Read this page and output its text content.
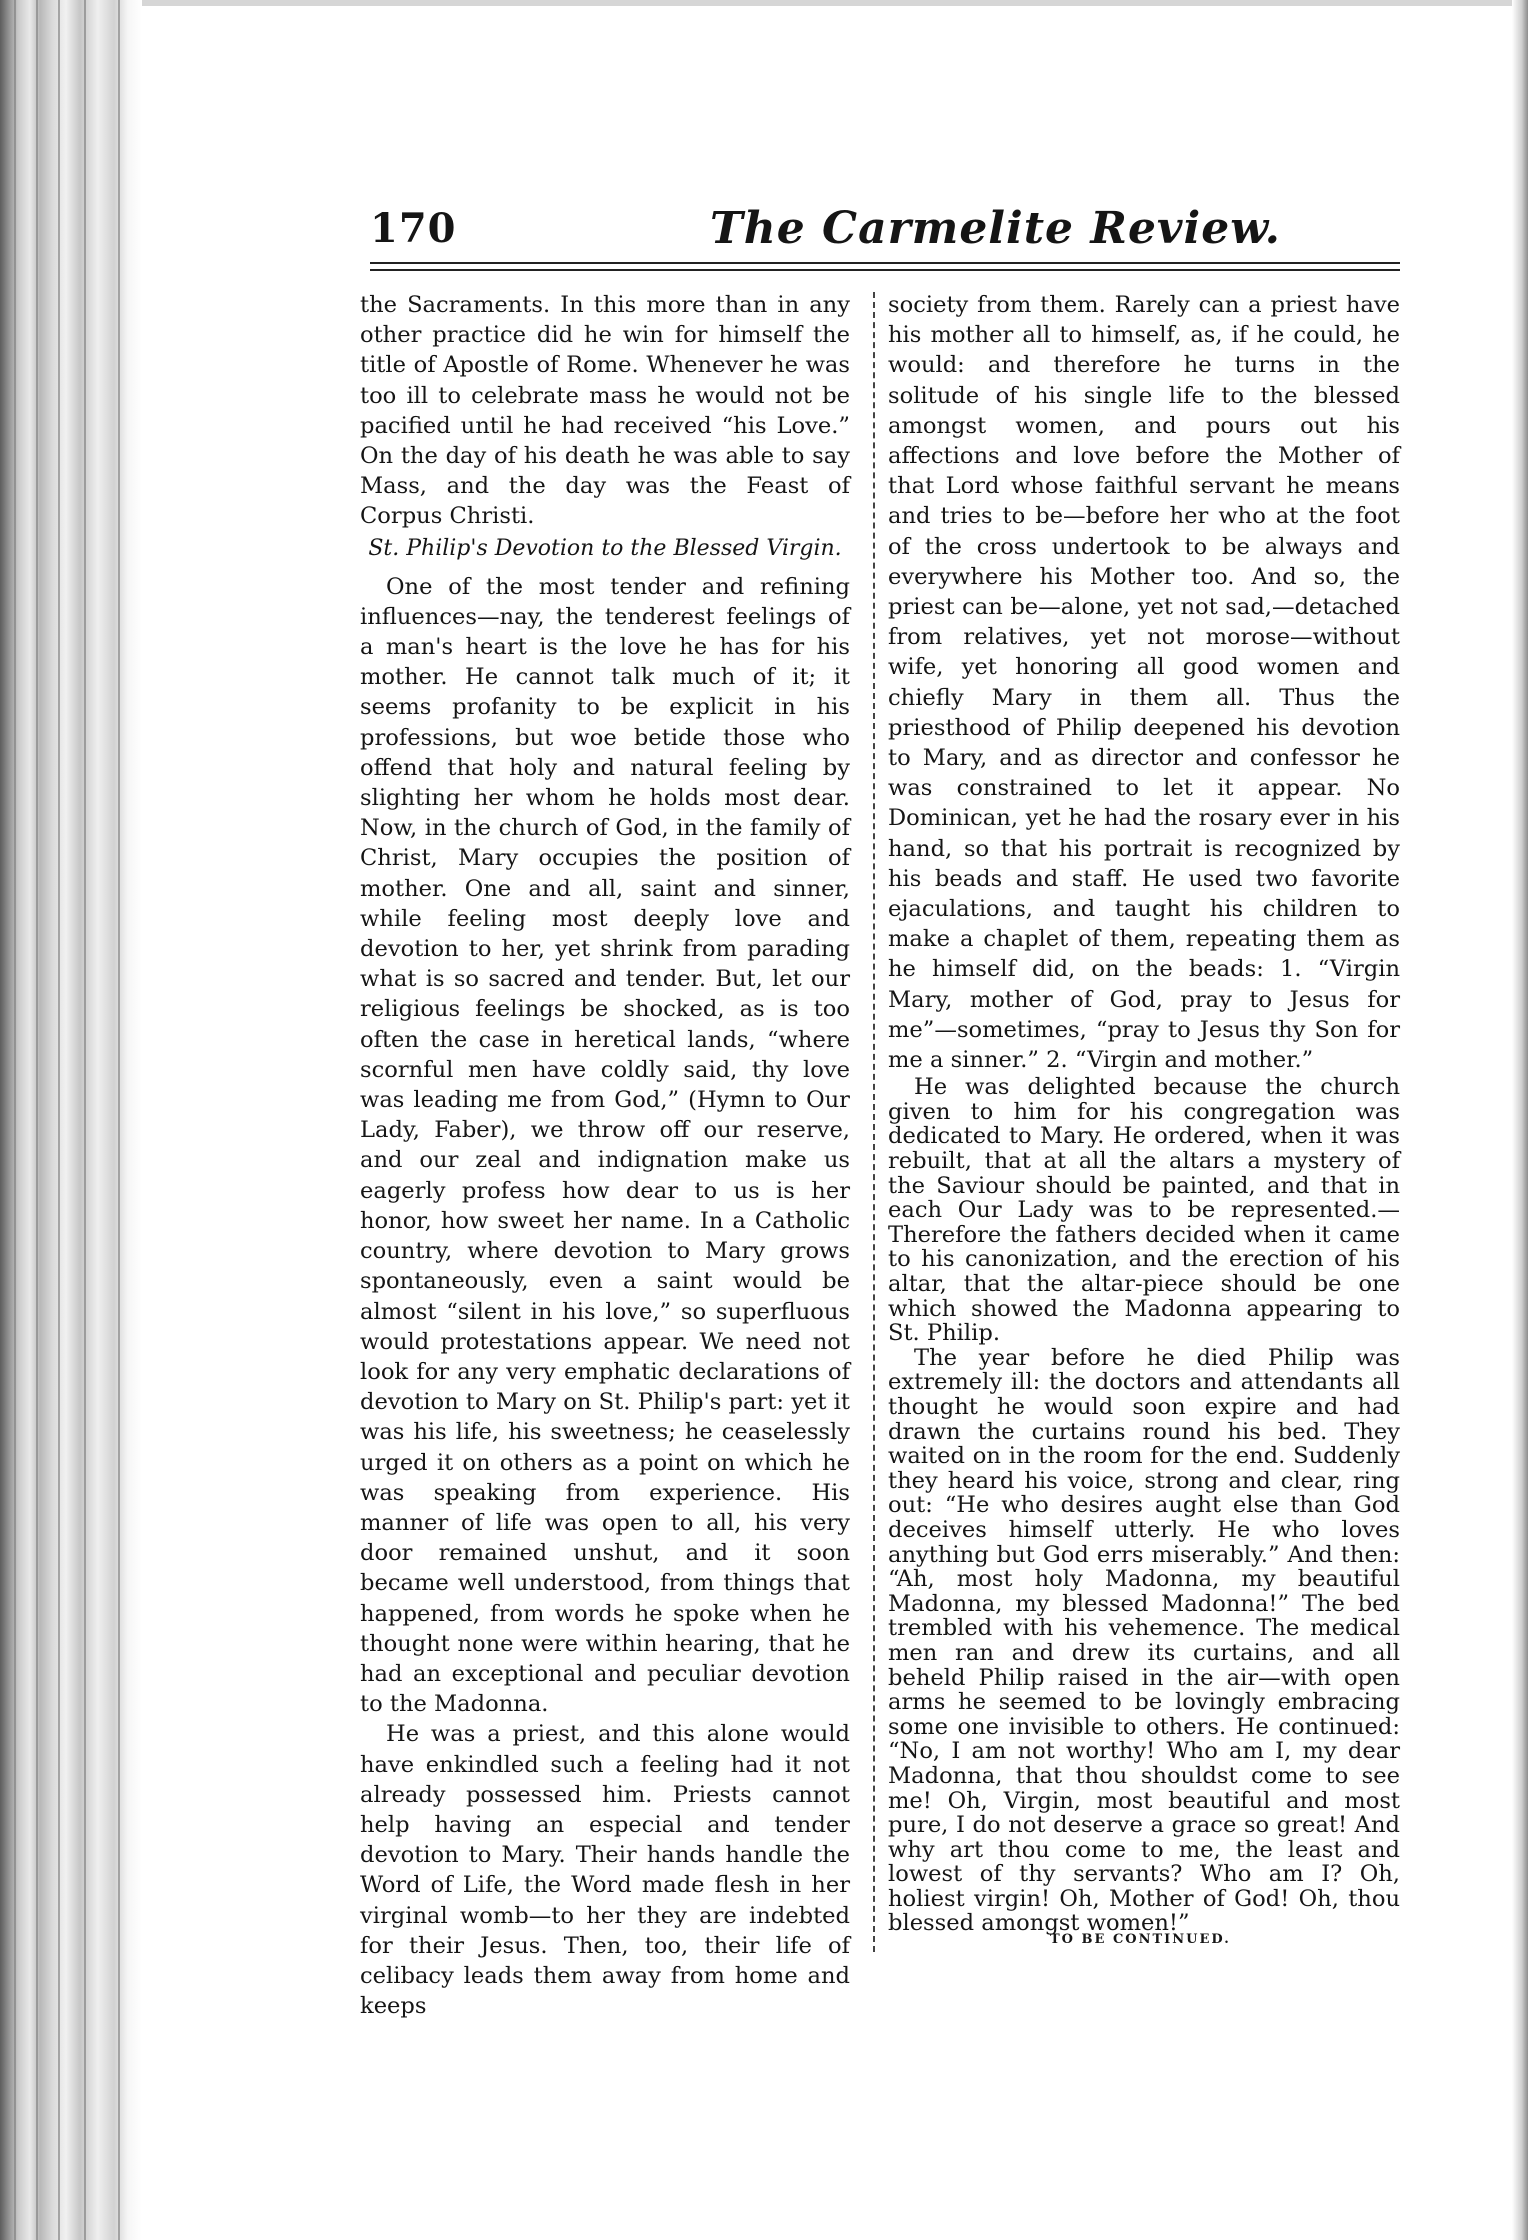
170	The Carmelite Review.

the Sacraments. In this more than in any other practice did he win for himself the title of Apostle of Rome. Whenever he was too ill to celebrate mass he would not be pacified until he had received “his Love.” On the day of his death he was able to say Mass, and the day was the Feast of Corpus Christi.

St. Philip's Devotion to the Blessed Virgin.

One of the most tender and refining influences—nay, the tenderest feelings of a man's heart is the love he has for his mother. He cannot talk much of it; it seems profanity to be explicit in his professions, but woe betide those who offend that holy and natural feeling by slighting her whom he holds most dear. Now, in the church of God, in the family of Christ, Mary occupies the position of mother. One and all, saint and sinner, while feeling most deeply love and devotion to her, yet shrink from parading what is so sacred and tender. But, let our religious feelings be shocked, as is too often the case in heretical lands, “where scornful men have coldly said, thy love was leading me from God,” (Hymn to Our Lady, Faber), we throw off our reserve, and our zeal and indignation make us eagerly profess how dear to us is her honor, how sweet her name. In a Catholic country, where devotion to Mary grows spontaneously, even a saint would be almost “silent in his love,” so superfluous would protestations appear. We need not look for any very emphatic declarations of devotion to Mary on St. Philip's part: yet it was his life, his sweetness; he ceaselessly urged it on others as a point on which he was speaking from experience. His manner of life was open to all, his very door remained unshut, and it soon became well understood, from things that happened, from words he spoke when he thought none were within hearing, that he had an exceptional and peculiar devotion to the Madonna.

He was a priest, and this alone would have enkindled such a feeling had it not already possessed him. Priests cannot help having an especial and tender devotion to Mary. Their hands handle the Word of Life, the Word made flesh in her virginal womb—to her they are indebted for their Jesus. Then, too, their life of celibacy leads them away from home and keeps

society from them. Rarely can a priest have his mother all to himself, as, if he could, he would: and therefore he turns in the solitude of his single life to the blessed amongst women, and pours out his affections and love before the Mother of that Lord whose faithful servant he means and tries to be—before her who at the foot of the cross undertook to be always and everywhere his Mother too. And so, the priest can be—alone, yet not sad,—detached from relatives, yet not morose—without wife, yet honoring all good women and chiefly Mary in them all. Thus the priesthood of Philip deepened his devotion to Mary, and as director and confessor he was constrained to let it appear. No Dominican, yet he had the rosary ever in his hand, so that his portrait is recognized by his beads and staff. He used two favorite ejaculations, and taught his children to make a chaplet of them, repeating them as he himself did, on the beads: 1. “Virgin Mary, mother of God, pray to Jesus for me”—sometimes, “pray to Jesus thy Son for me a sinner.” 2. “Virgin and mother.”

He was delighted because the church given to him for his congregation was dedicated to Mary. He ordered, when it was rebuilt, that at all the altars a mystery of the Saviour should be painted, and that in each Our Lady was to be represented.—Therefore the fathers decided when it came to his canonization, and the erection of his altar, that the altar-piece should be one which showed the Madonna appearing to St. Philip.

The year before he died Philip was extremely ill: the doctors and attendants all thought he would soon expire and had drawn the curtains round his bed. They waited on in the room for the end. Suddenly they heard his voice, strong and clear, ring out: “He who desires aught else than God deceives himself utterly. He who loves anything but God errs miserably.” And then: “Ah, most holy Madonna, my beautiful Madonna, my blessed Madonna!” The bed trembled with his vehemence. The medical men ran and drew its curtains, and all beheld Philip raised in the air—with open arms he seemed to be lovingly embracing some one invisible to others. He continued: “No, I am not worthy! Who am I, my dear Madonna, that thou shouldst come to see me! Oh, Virgin, most beautiful and most pure, I do not deserve a grace so great! And why art thou come to me, the least and lowest of thy servants? Who am I? Oh, holiest virgin! Oh, Mother of God! Oh, thou blessed amongst women!”

TO BE CONTINUED.
